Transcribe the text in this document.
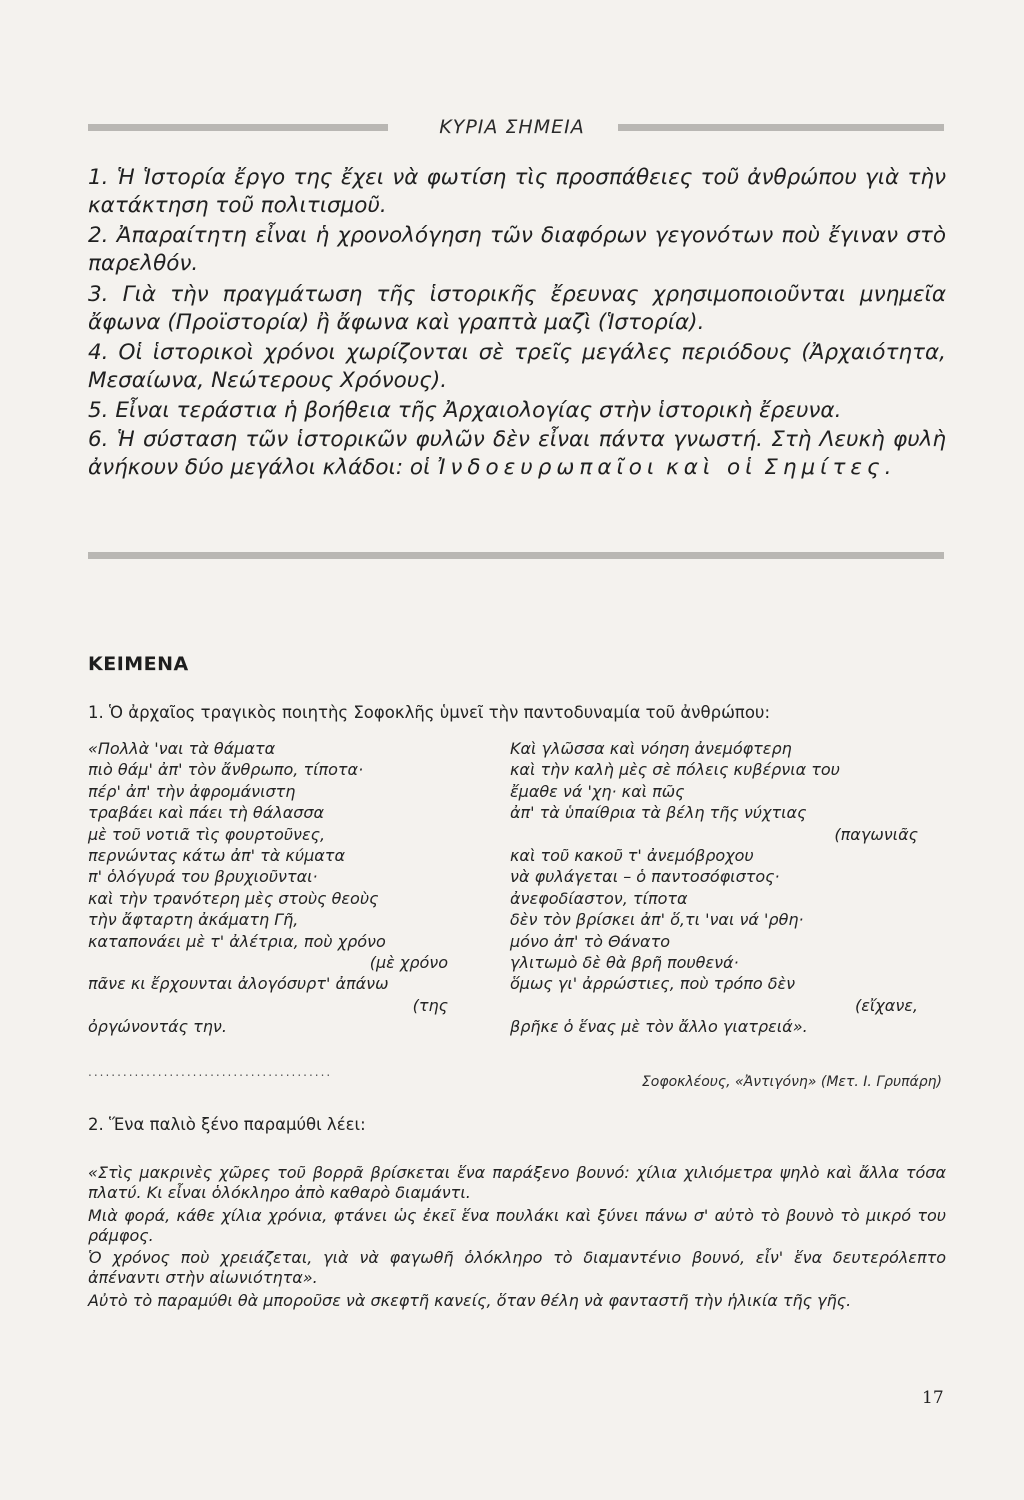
ΚΥΡΙΑ ΣΗΜΕΙΑ
1. Ἡ Ἱστορία ἔργο της ἔχει νὰ φωτίση τὶς προσπάθειες τοῦ ἀνθρώπου γιὰ τὴν κατάκτηση τοῦ πολιτισμοῦ.
2. Ἀπαραίτητη εἶναι ἡ χρονολόγηση τῶν διαφόρων γεγονότων ποὺ ἔγιναν στὸ παρελθόν.
3. Γιὰ τὴν πραγμάτωση τῆς ἱστορικῆς ἔρευνας χρησιμοποιοῦνται μνημεῖα ἄφωνα (Προϊστορία) ἢ ἄφωνα καὶ γραπτὰ μαζὶ (Ἱστορία).
4. Οἱ ἱστορικοὶ χρόνοι χωρίζονται σὲ τρεῖς μεγάλες περιόδους (Ἀρχαιότητα, Μεσαίωνα, Νεώτερους Χρόνους).
5. Εἶναι τεράστια ἡ βοήθεια τῆς Ἀρχαιολογίας στὴν ἱστορικὴ ἔρευνα.
6. Ἡ σύσταση τῶν ἱστορικῶν φυλῶν δὲν εἶναι πάντα γνωστή. Στὴ Λευκὴ φυλὴ ἀνήκουν δύο μεγάλοι κλάδοι: οἱ Ἰνδοευρωπαῖοι καὶ οἱ Σημίτες.
ΚΕΙΜΕΝΑ
1. Ὁ ἀρχαῖος τραγικὸς ποιητὴς Σοφοκλῆς ὑμνεῖ τὴν παντοδυναμία τοῦ ἀνθρώπου:
«Πολλὰ 'ναι τὰ θάματα
πιὸ θάμ' ἀπ' τὸν ἄνθρωπο, τίποτα·
πέρ' ἀπ' τὴν ἀφρομάνιστη
τραβάει καὶ πάει τὴ θάλασσα
μὲ τοῦ νοτιᾶ τὶς φουρτοῦνες,
περνώντας κάτω ἀπ' τὰ κύματα
π' ὁλόγυρά του βρυχιοῦνται·
καὶ τὴν τρανότερη μὲς στοὺς θεοὺς
τὴν ἄφταρτη ἀκάματη Γῆ,
καταπονάει μὲ τ' ἀλέτρια, ποὺ χρόνο
(μὲ χρόνο
πᾶνε κι ἔρχουνται ἀλογόσυρτ' ἀπάνω
(της
ὀργώνοντάς την.
Καὶ γλῶσσα καὶ νόηση ἀνεμόφτερη
καὶ τὴν καλὴ μὲς σὲ πόλεις κυβέρνια του
ἔμαθε νά 'χη· καὶ πῶς
ἀπ' τὰ ὑπαίθρια τὰ βέλη τῆς νύχτιας
(παγωνιᾶς
καὶ τοῦ κακοῦ τ' ἀνεμόβροχου
νὰ φυλάγεται – ὁ παντοσόφιστος·
ἀνεφοδίαστον, τίποτα
δὲν τὸν βρίσκει ἀπ' ὅ,τι 'ναι νά 'ρθη·
μόνο ἀπ' τὸ Θάνατο
γλιτωμὸ δὲ θὰ βρῆ πουθενά·
ὅμως γι' ἀρρώστιες, ποὺ τρόπο δὲν
(εἴχανε,
βρῆκε ὁ ἕνας μὲ τὸν ἄλλο γιατρειά».
..........................................
Σοφοκλέους, «Ἀντιγόνη» (Μετ. Ι. Γρυπάρη)
2. Ἕνα παλιὸ ξένο παραμύθι λέει:
«Στὶς μακρινὲς χῶρες τοῦ βορρᾶ βρίσκεται ἕνα παράξενο βουνό: χίλια χιλιόμετρα ψηλὸ καὶ ἄλλα τόσα πλατύ. Κι εἶναι ὁλόκληρο ἀπὸ καθαρὸ διαμάντι.
Μιὰ φορά, κάθε χίλια χρόνια, φτάνει ὡς ἐκεῖ ἕνα πουλάκι καὶ ξύνει πάνω σ' αὐτὸ τὸ βουνὸ τὸ μικρό του ράμφος.
Ὁ χρόνος ποὺ χρειάζεται, γιὰ νὰ φαγωθῆ ὁλόκληρο τὸ διαμαντένιο βουνό, εἶν' ἕνα δευτερόλεπτο ἀπέναντι στὴν αἰωνιότητα».
Αὐτὸ τὸ παραμύθι θὰ μποροῦσε νὰ σκεφτῆ κανείς, ὅταν θέλη νὰ φανταστῆ τὴν ἡλικία τῆς γῆς.
17
